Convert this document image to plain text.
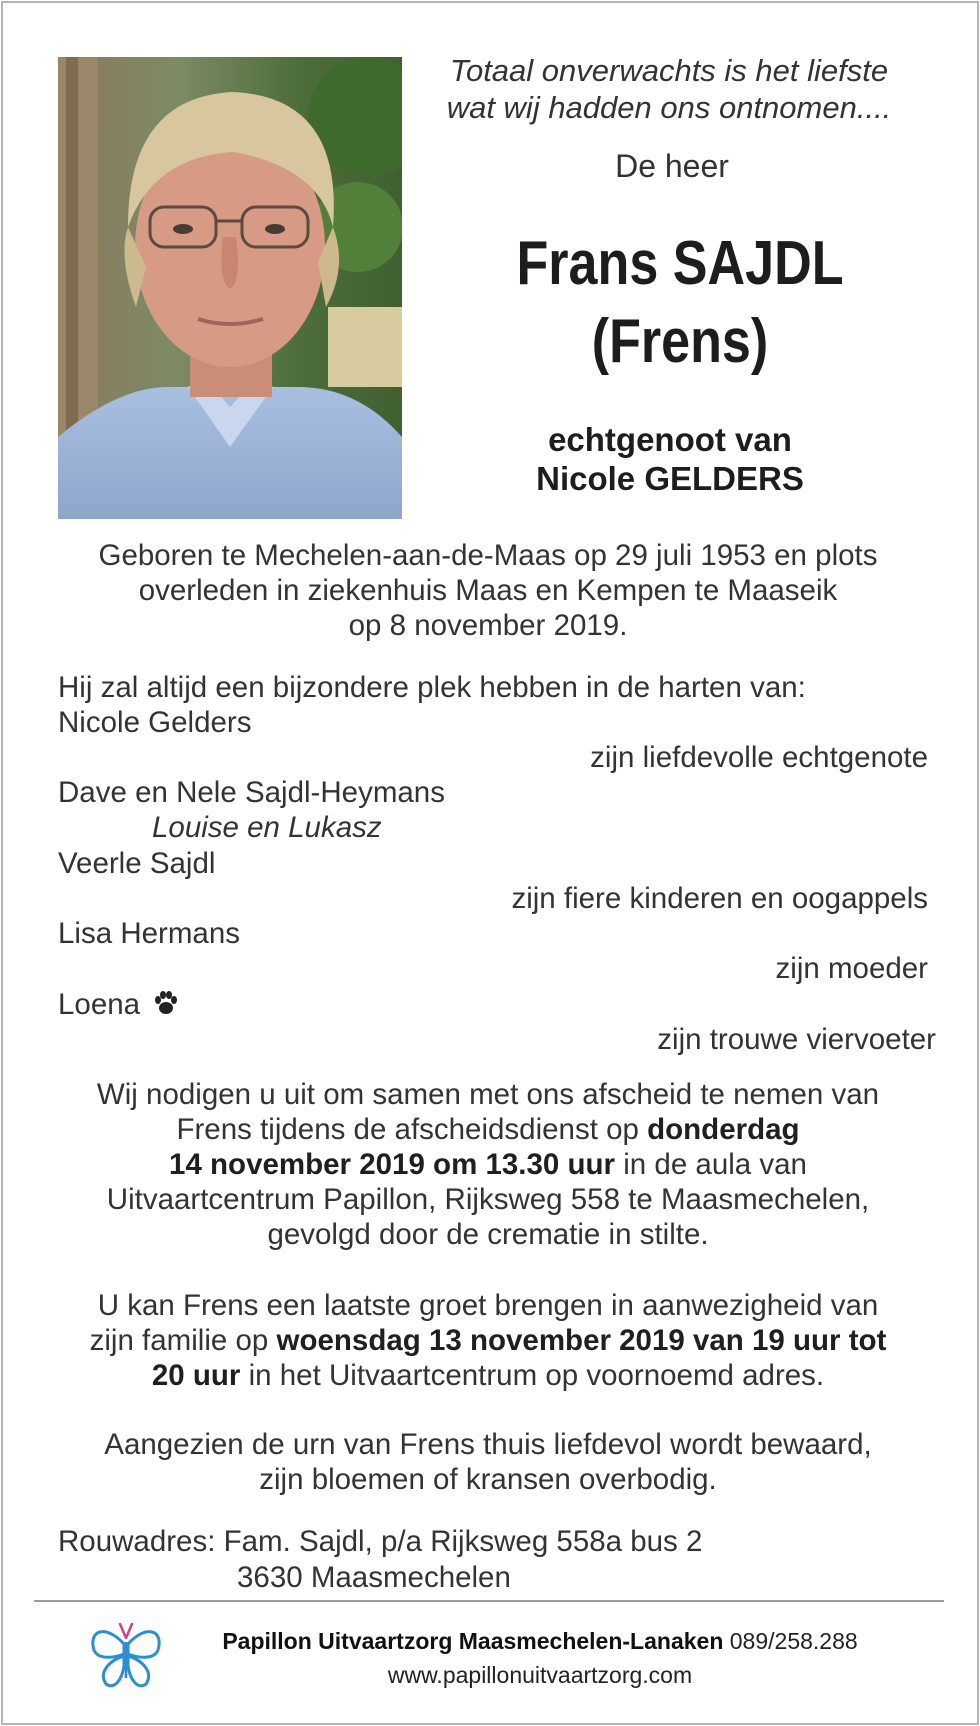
Totaal onverwachts is het liefste
wat wij hadden ons ontnomen....
De heer
Frans SAJDL
(Frens)
echtgenoot van
Nicole GELDERS
Geboren te Mechelen-aan-de-Maas op 29 juli 1953 en plots
overleden in ziekenhuis Maas en Kempen te Maaseik
op 8 november 2019.
Hij zal altijd een bijzondere plek hebben in de harten van:
Nicole Gelders
zijn liefdevolle echtgenote
Dave en Nele Sajdl-Heymans
Louise en Lukasz
Veerle Sajdl
zijn fiere kinderen en oogappels
Lisa Hermans
zijn moeder
Loena
zijn trouwe viervoeter
Wij nodigen u uit om samen met ons afscheid te nemen van
Frens tijdens de afscheidsdienst op donderdag
14 november 2019 om 13.30 uur in de aula van
Uitvaartcentrum Papillon, Rijksweg 558 te Maasmechelen,
gevolgd door de crematie in stilte.
U kan Frens een laatste groet brengen in aanwezigheid van
zijn familie op woensdag 13 november 2019 van 19 uur tot
20 uur in het Uitvaartcentrum op voornoemd adres.
Aangezien de urn van Frens thuis liefdevol wordt bewaard,
zijn bloemen of kransen overbodig.
Rouwadres: Fam. Sajdl, p/a Rijksweg 558a bus 2
3630 Maasmechelen
Papillon Uitvaartzorg Maasmechelen-Lanaken 089/258.288
www.papillonuitvaartzorg.com
